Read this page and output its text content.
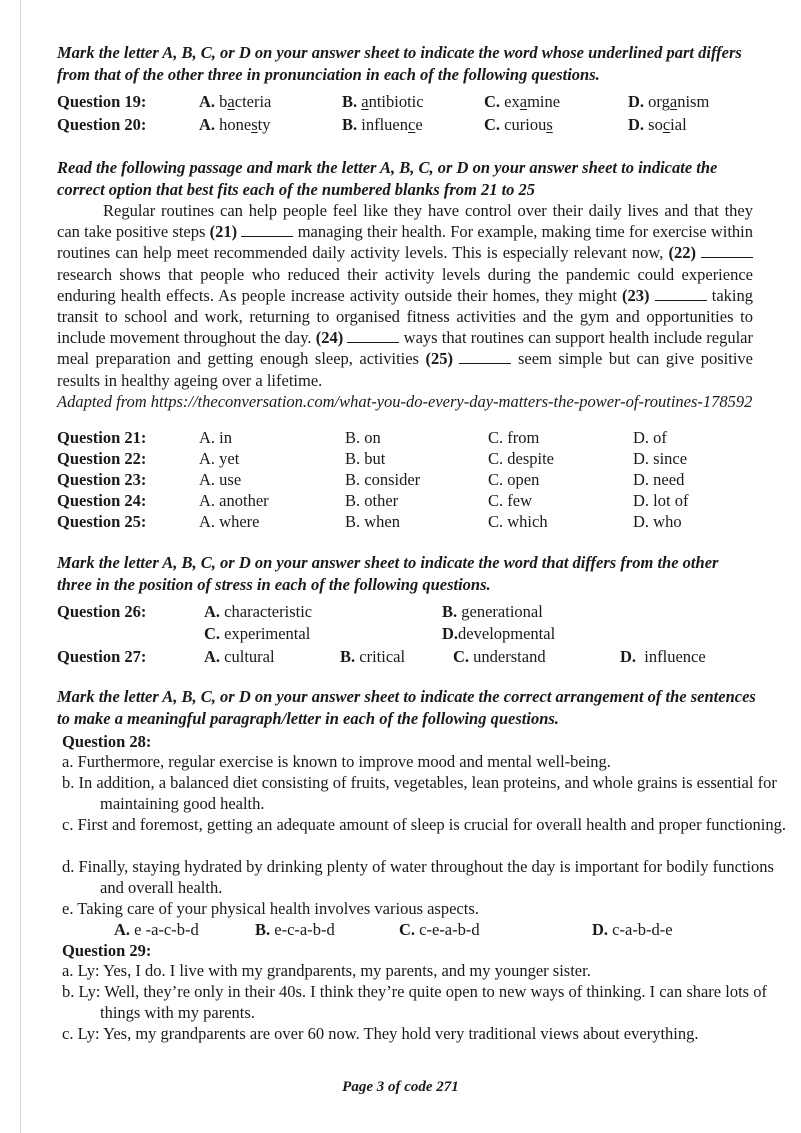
Mark the letter A, B, C, or D on your answer sheet to indicate the word whose underlined part differs from that of the other three in pronunciation in each of the following questions.
Question 19:	A. bacteria	B. antibiotic	C. examine	D. organism
Question 20:	A. honesty	B. influence	C. curious	D. social
Read the following passage and mark the letter A, B, C, or D on your answer sheet to indicate the correct option that best fits each of the numbered blanks from 21 to 25

Regular routines can help people feel like they have control over their daily lives and that they can take positive steps (21)	managing their health. For example, making time for exercise within routines can help meet recommended daily activity levels. This is especially relevant now, (22)  research shows that people who reduced their activity levels during the pandemic could experience enduring health effects. As people increase activity outside their homes, they might (23)	taking transit to school and work, returning to organised fitness activities and the gym and opportunities to include movement throughout the day. (24)	ways that routines can support health include regular meal preparation and getting enough sleep, activities (25)	seem simple but can give positive results in healthy ageing over a lifetime.

Adapted from https://theconversation.com/what-you-do-every-day-matters-the-power-of-routines-178592

Question 21:	A. in	B. on	C. from	D. of
Question 22:	A. yet	B. but	C. despite	D. since
Question 23:	A. use	B. consider	C. open	D. need
Question 24:	A. another	B. other	C. few	D. lot of
Question 25:	A. where	B. when	C. which	D. who
Mark the letter A, B, C, or D on your answer sheet to indicate the word that differs from the other three in the position of stress in each of the following questions.
Question 26:	A. characteristic	B. generational
C. experimental	D.developmental
Question 27:	A. cultural	B. critical	C. understand	D. influence
Mark the letter A, B, C, or D on your answer sheet to indicate the correct arrangement of the sentences to make a meaningful paragraph/letter in each of the following questions.
Question 28:
a. Furthermore, regular exercise is known to improve mood and mental well-being.
b. In addition, a balanced diet consisting of fruits, vegetables, lean proteins, and whole grains is essential for maintaining good health.
c. First and foremost, getting an adequate amount of sleep is crucial for overall health and proper functioning.
d. Finally, staying hydrated by drinking plenty of water throughout the day is important for bodily functions and overall health.
e. Taking care of your physical health involves various aspects.
A. e -a-c-b-d	B. e-c-a-b-d	C. c-e-a-b-d	D. c-a-b-d-e
Question 29:
a. Ly: Yes, I do. I live with my grandparents, my parents, and my younger sister.
b. Ly: Well, they’re only in their 40s. I think they’re quite open to new ways of thinking. I can share lots of things with my parents.
c. Ly: Yes, my grandparents are over 60 now. They hold very traditional views about everything.
Page 3 of code 271
